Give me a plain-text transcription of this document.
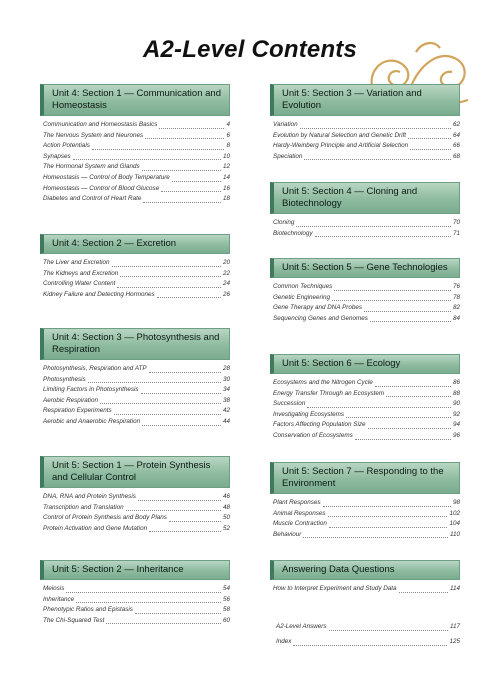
A2-Level Contents
Unit 4: Section 1 — Communication and Homeostasis
Communication and Homeostasis Basics	4
The Nervous System and Neurones	6
Action Potentials	8
Synapses	10
The Hormonal System and Glands	12
Homeostasis — Control of Body Temperature	14
Homeostasis — Control of Blood Glucose	16
Diabetes and Control of Heart Rate	18
Unit 4: Section 2 — Excretion
The Liver and Excretion	20
The Kidneys and Excretion	22
Controlling Water Content	24
Kidney Failure and Detecting Hormones	26
Unit 4: Section 3 — Photosynthesis and Respiration
Photosynthesis, Respiration and ATP	28
Photosynthesis	30
Limiting Factors in Photosynthesis	34
Aerobic Respiration	38
Respiration Experiments	42
Aerobic and Anaerobic Respiration	44
Unit 5: Section 1 — Protein Synthesis and Cellular Control
DNA, RNA and Protein Synthesis	46
Transcription and Translation	48
Control of Protein Synthesis and Body Plans	50
Protein Activation and Gene Mutation	52
Unit 5: Section 2 — Inheritance
Meiosis	54
Inheritance	56
Phenotypic Ratios and Epistasis	58
The Chi-Squared Test	60
Unit 5: Section 3 — Variation and Evolution
Variation	62
Evolution by Natural Selection and Genetic Drift	64
Hardy-Weinberg Principle and Artificial Selection	66
Speciation	68
Unit 5: Section 4 — Cloning and Biotechnology
Cloning	70
Biotechnology	71
Unit 5: Section 5 — Gene Technologies
Common Techniques	76
Genetic Engineering	78
Gene Therapy and DNA Probes	82
Sequencing Genes and Genomes	84
Unit 5: Section 6 — Ecology
Ecosystems and the Nitrogen Cycle	86
Energy Transfer Through an Ecosystem	88
Succession	90
Investigating Ecosystems	92
Factors Affecting Population Size	94
Conservation of Ecosystems	96
Unit 5: Section 7 — Responding to the Environment
Plant Responses	98
Animal Responses	102
Muscle Contraction	104
Behaviour	110
Answering Data Questions
How to Interpret Experiment and Study Data	114
A2-Level Answers	117
Index	125
